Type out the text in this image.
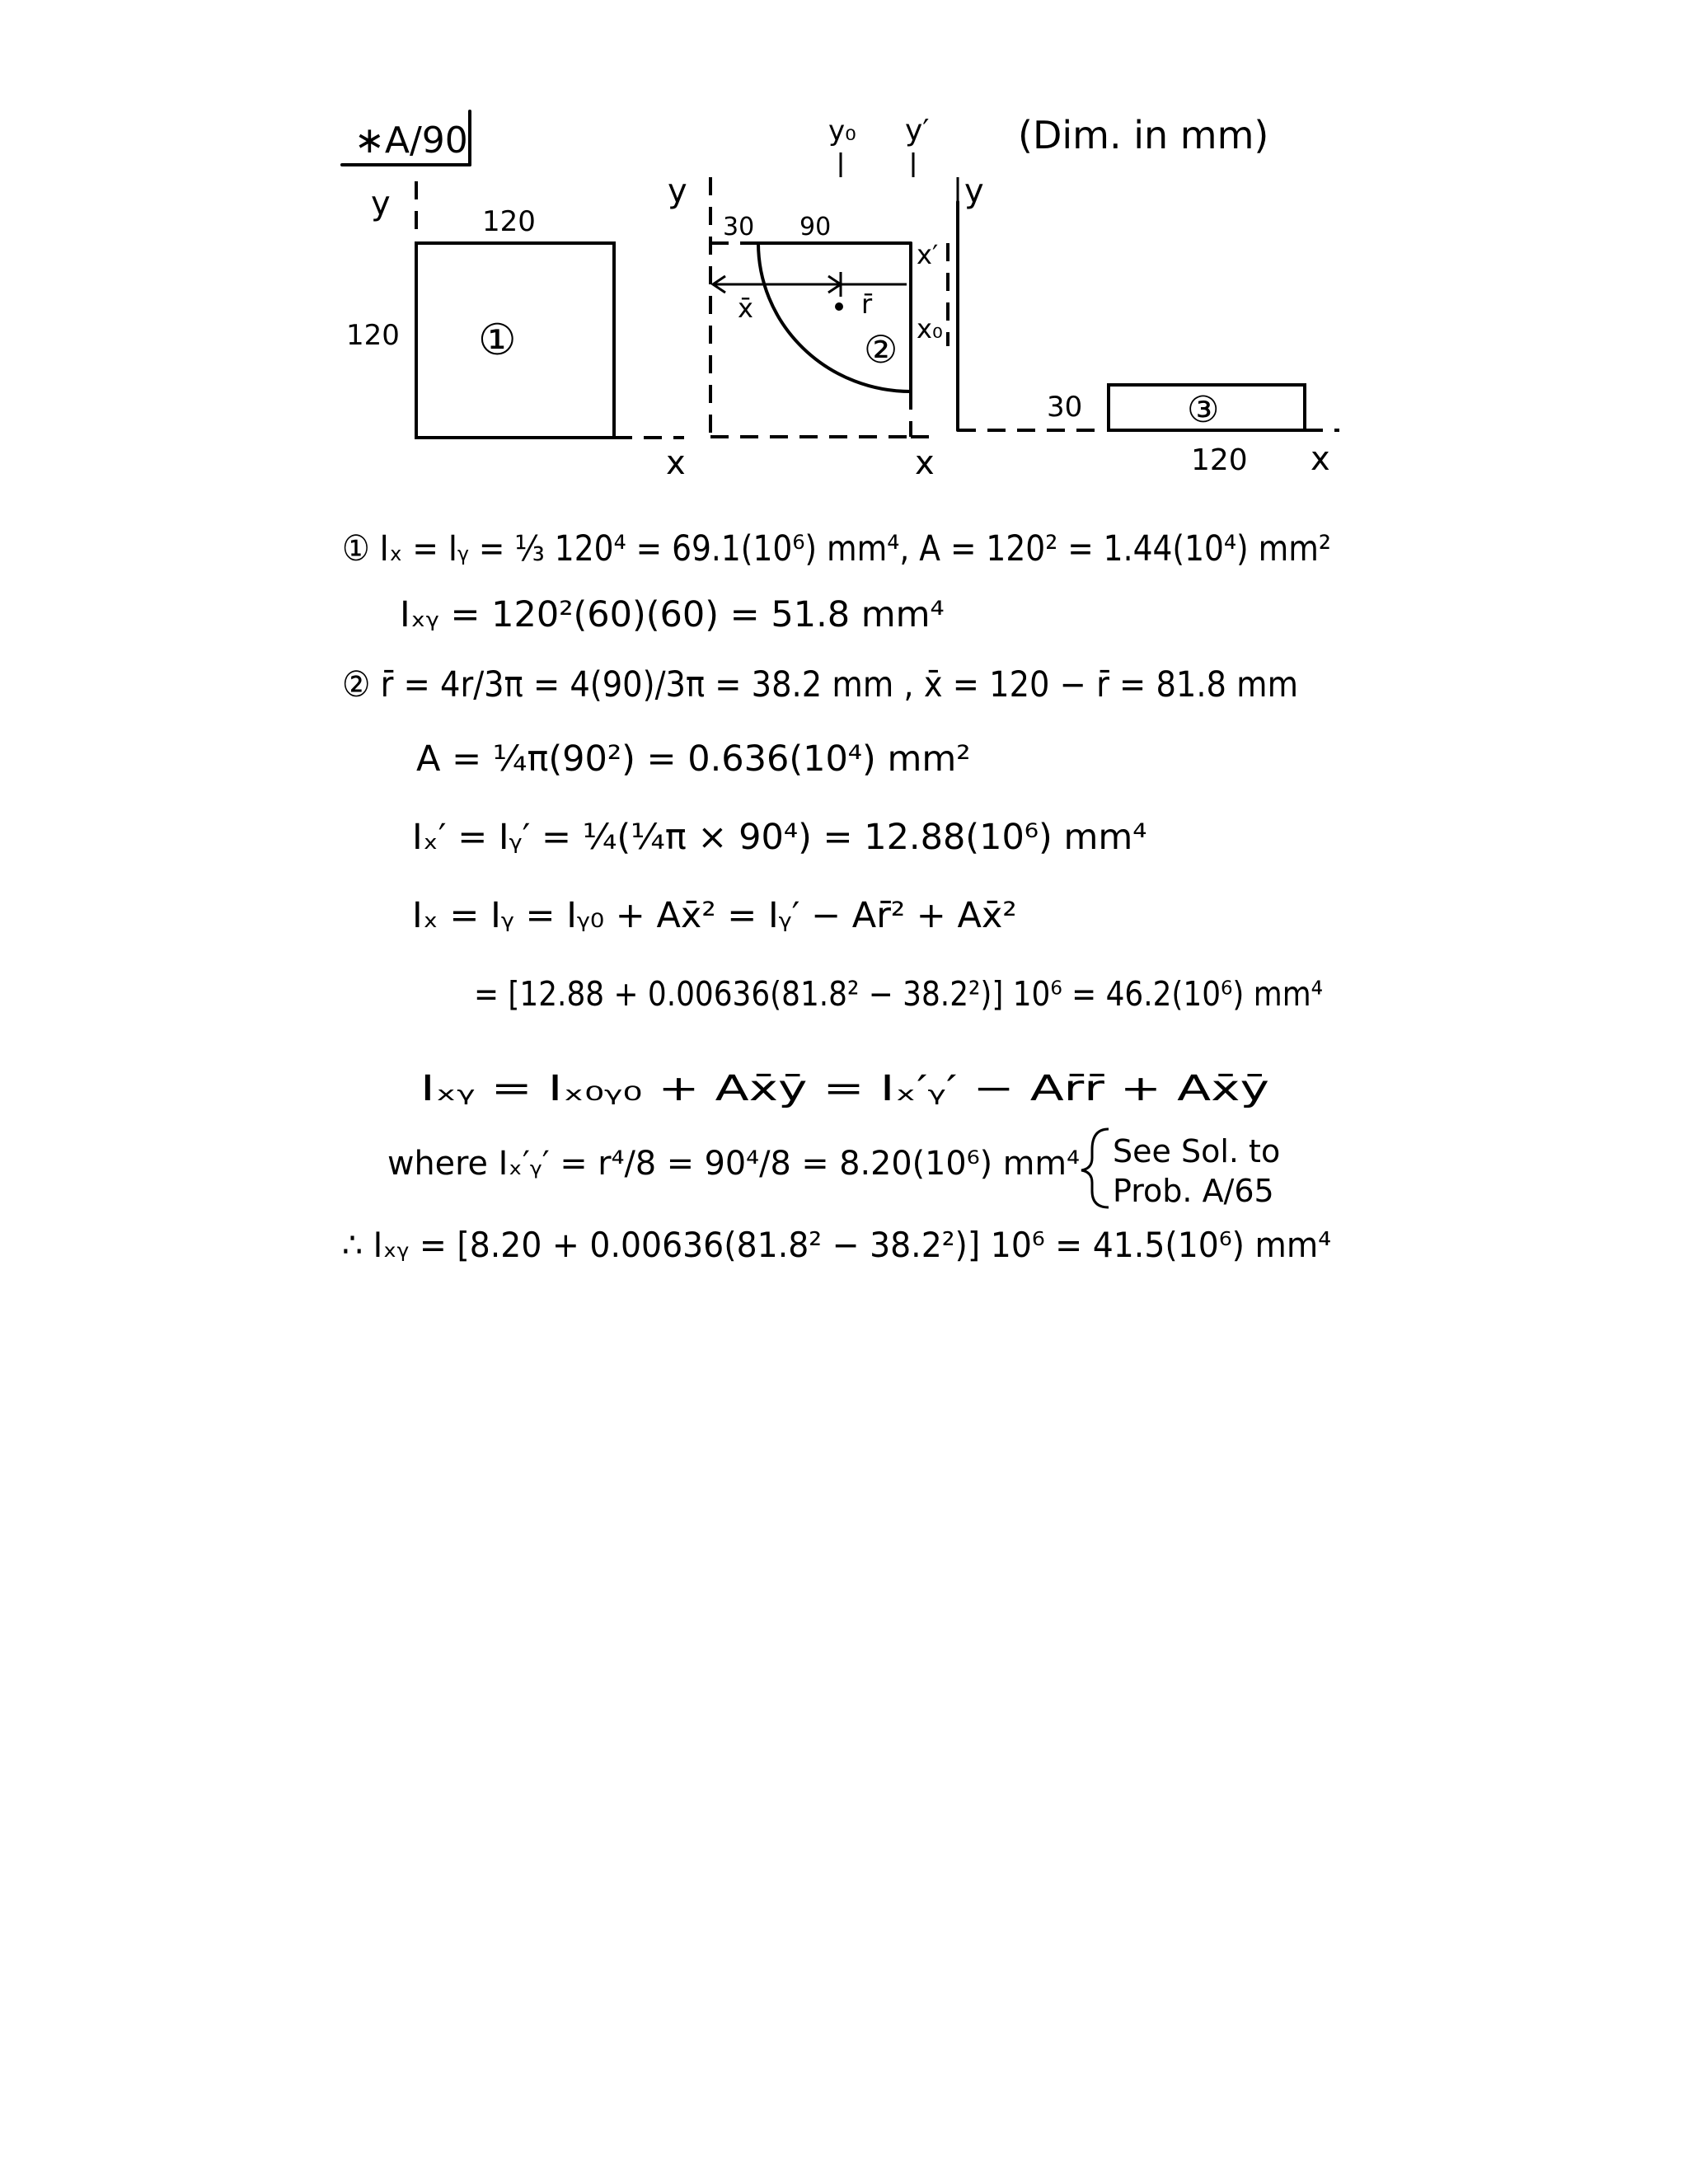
∗A/90	(Dim. in mm)
y	120
120 ①
x
y
y₀ y′
y
30 90
x̄	r̄
②
x′
x₀
x
30	③
120 x
① Iₓ = Iᵧ = ⅓ 120⁴ = 69.1(10⁶) mm⁴, A = 120² = 1.44(10⁴) mm²
Iₓᵧ = 120²(60)(60) = 51.8 mm⁴
② r̄ = 4r/3π = 4(90)/3π = 38.2 mm , x̄ = 120 − r̄ = 81.8 mm
A = ¼π(90²) = 0.636(10⁴) mm²
Iₓ′ = Iᵧ′ = ¼(¼π × 90⁴) = 12.88(10⁶) mm⁴
Iₓ = Iᵧ = Iᵧ₀ + Ax̄² = Iᵧ′ − Ar̄² + Ax̄²
= [12.88 + 0.00636(81.8² − 38.2²)] 10⁶ = 46.2(10⁶) mm⁴
Iₓᵧ = Iₓ₀ᵧ₀ + Ax̄ȳ = Iₓ′ᵧ′ − Ar̄r̄ + Ax̄ȳ
where Iₓ′ᵧ′ = r⁴/8 = 90⁴/8 = 8.20(10⁶) mm⁴ See Sol. to
Prob. A/65
∴ Iₓᵧ = [8.20 + 0.00636(81.8² − 38.2²)] 10⁶ = 41.5(10⁶) mm⁴
